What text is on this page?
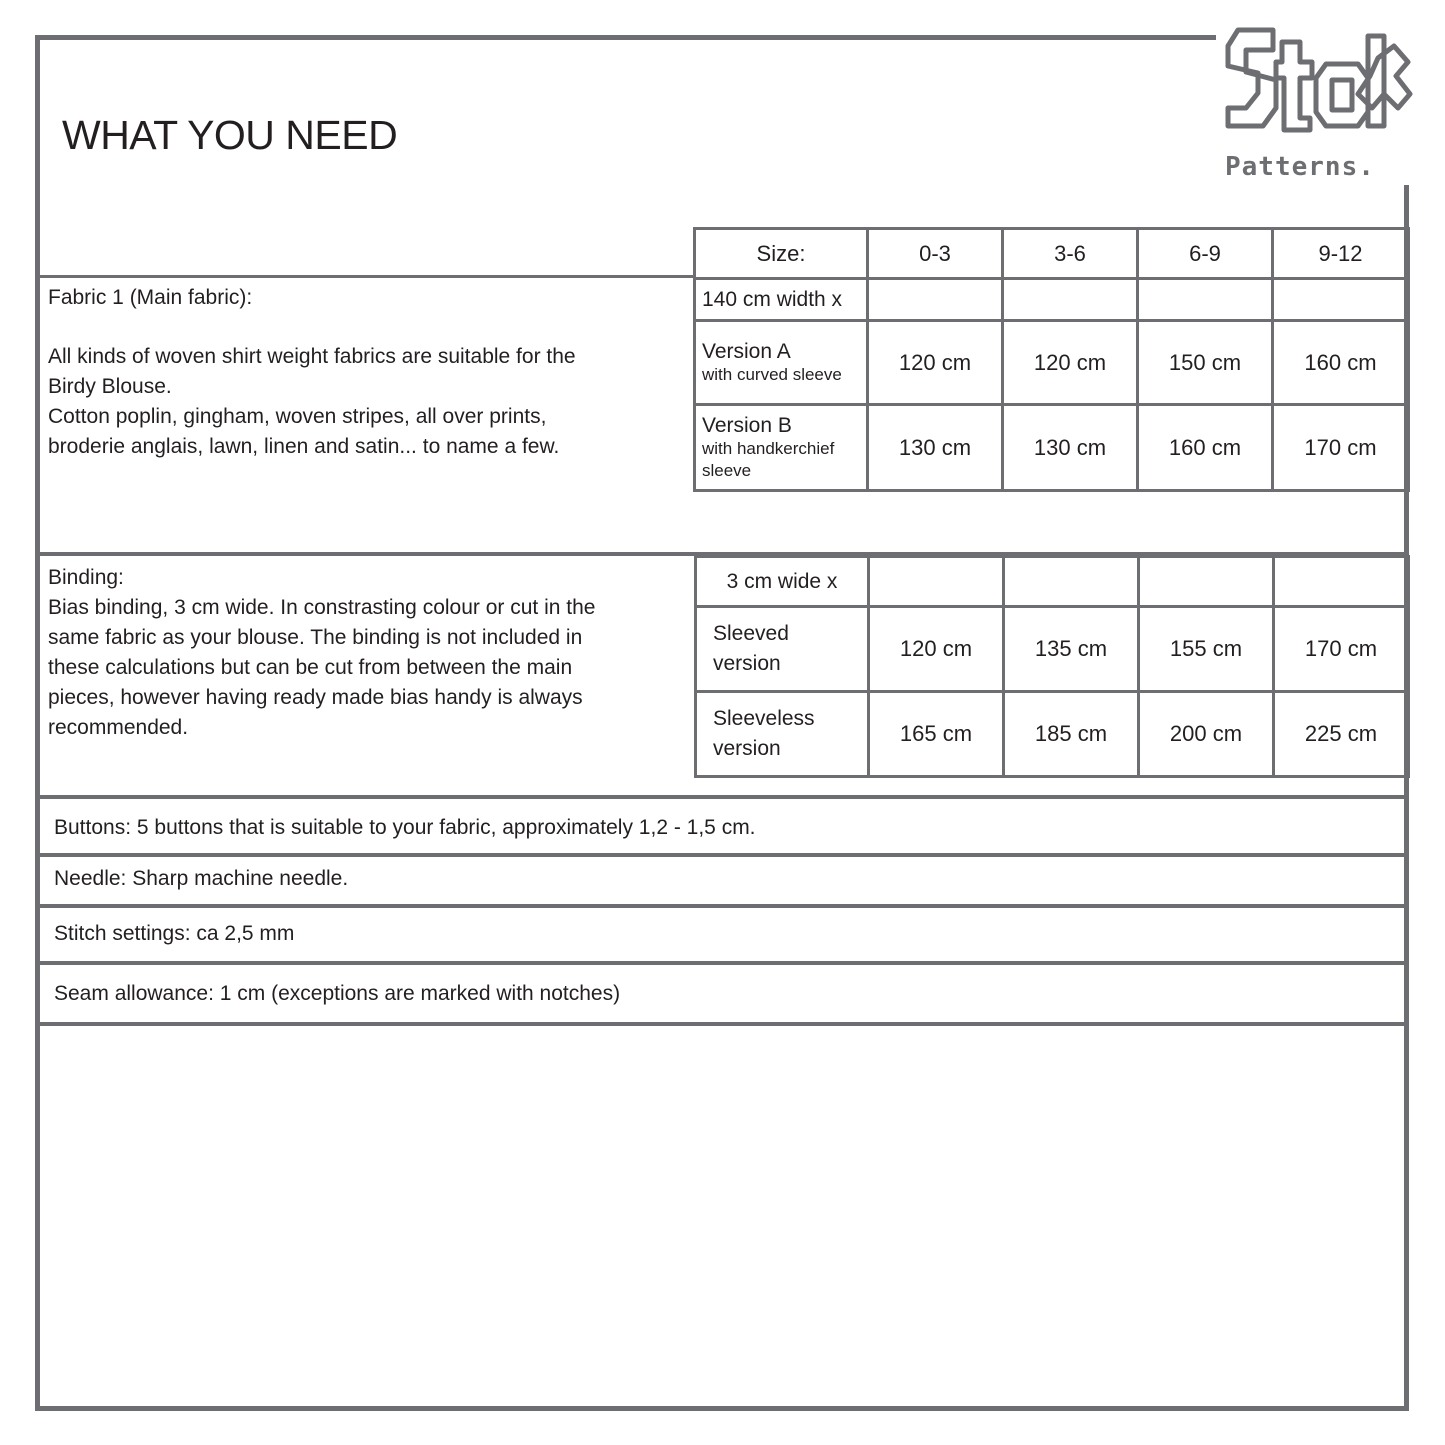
WHAT YOU NEED
Patterns.
Fabric 1 (Main fabric):
All kinds of woven shirt weight fabrics are suitable for the
Birdy Blouse.
Cotton poplin, gingham, woven stripes, all over prints,
broderie anglais, lawn, linen and satin... to name a few.
Size:	0-3	3-6	6-9	9-12
140 cm width x				
Version A
with curved sleeve	120 cm	120 cm	150 cm	160 cm
Version B
with handkerchief sleeve	130 cm	130 cm	160 cm	170 cm
Binding:
Bias binding, 3 cm wide. In constrasting colour or cut in the
same fabric as your blouse. The binding is not included in
these calculations but can be cut from between the main
pieces, however having ready made bias handy is always
recommended.
3 cm wide x				
Sleeved
version	120 cm	135 cm	155 cm	170 cm
Sleeveless
version	165 cm	185 cm	200 cm	225 cm
Buttons: 5 buttons that is suitable to your fabric, approximately 1,2 - 1,5 cm.
Needle: Sharp machine needle.
Stitch settings: ca 2,5 mm
Seam allowance: 1 cm (exceptions are marked with notches)
